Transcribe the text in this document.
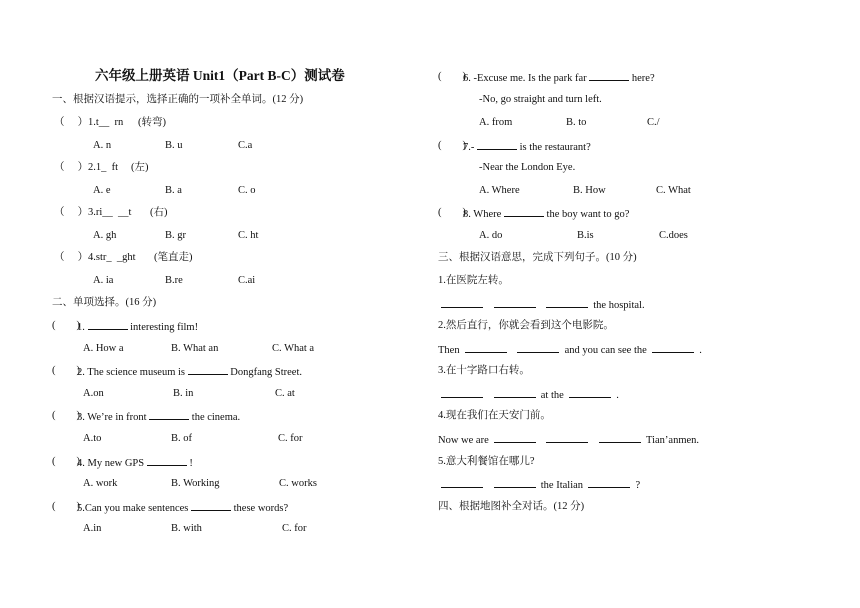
六年级上册英语 Unit1（Part B-C）测试卷
一、根据汉语提示，选择正确的一项补全单词。(12 分)
（     ） 1.t__  rn (转弯)
A. n	B. u	C.a
（     ） 2.1_  ft (左)
A. e	B. a	C. o
（     ） 3.ri__  __t (右)
A. gh	B. gr	C. ht
（     ） 4.str_  _ght (笔直走)
A. ia	B.re	C.ai
二、单项选择。(16 分)
(        )
1.	interesting film!
A. How a	B. What an	C. What a
(        )
2. The science museum is	Dongfang Street.
A.on	B. in	C. at
(        )
3. We’re in front	the cinema.
A.to	B. of	C. for
(        )
4. My new GPS	!
A. work	B. Working	C. works
(        )
5.Can you make sentences	these words?
A.in	B. with	C. for
(        )
6. -Excuse me. Is the park far	here?
-No, go straight and turn left.
A. from	B. to	C./
(        )
7.-	is the restaurant?
-Near the London Eye.
A. Where	B. How	C. What
(        )
8. Where	the boy want to go?
A. do	B.is	C.does
三、根据汉语意思，完成下列句子。(10 分)
1.在医院左转。
the hospital.
2.然后直行，你就会看到这个电影院。
Then	and you can see the	.
3.在十字路口右转。
at the	.
4.现在我们在天安门前。
Now we are	Tian’anmen.
5.意大利餐馆在哪儿?
the Italian	?
四、根据地图补全对话。(12 分)
